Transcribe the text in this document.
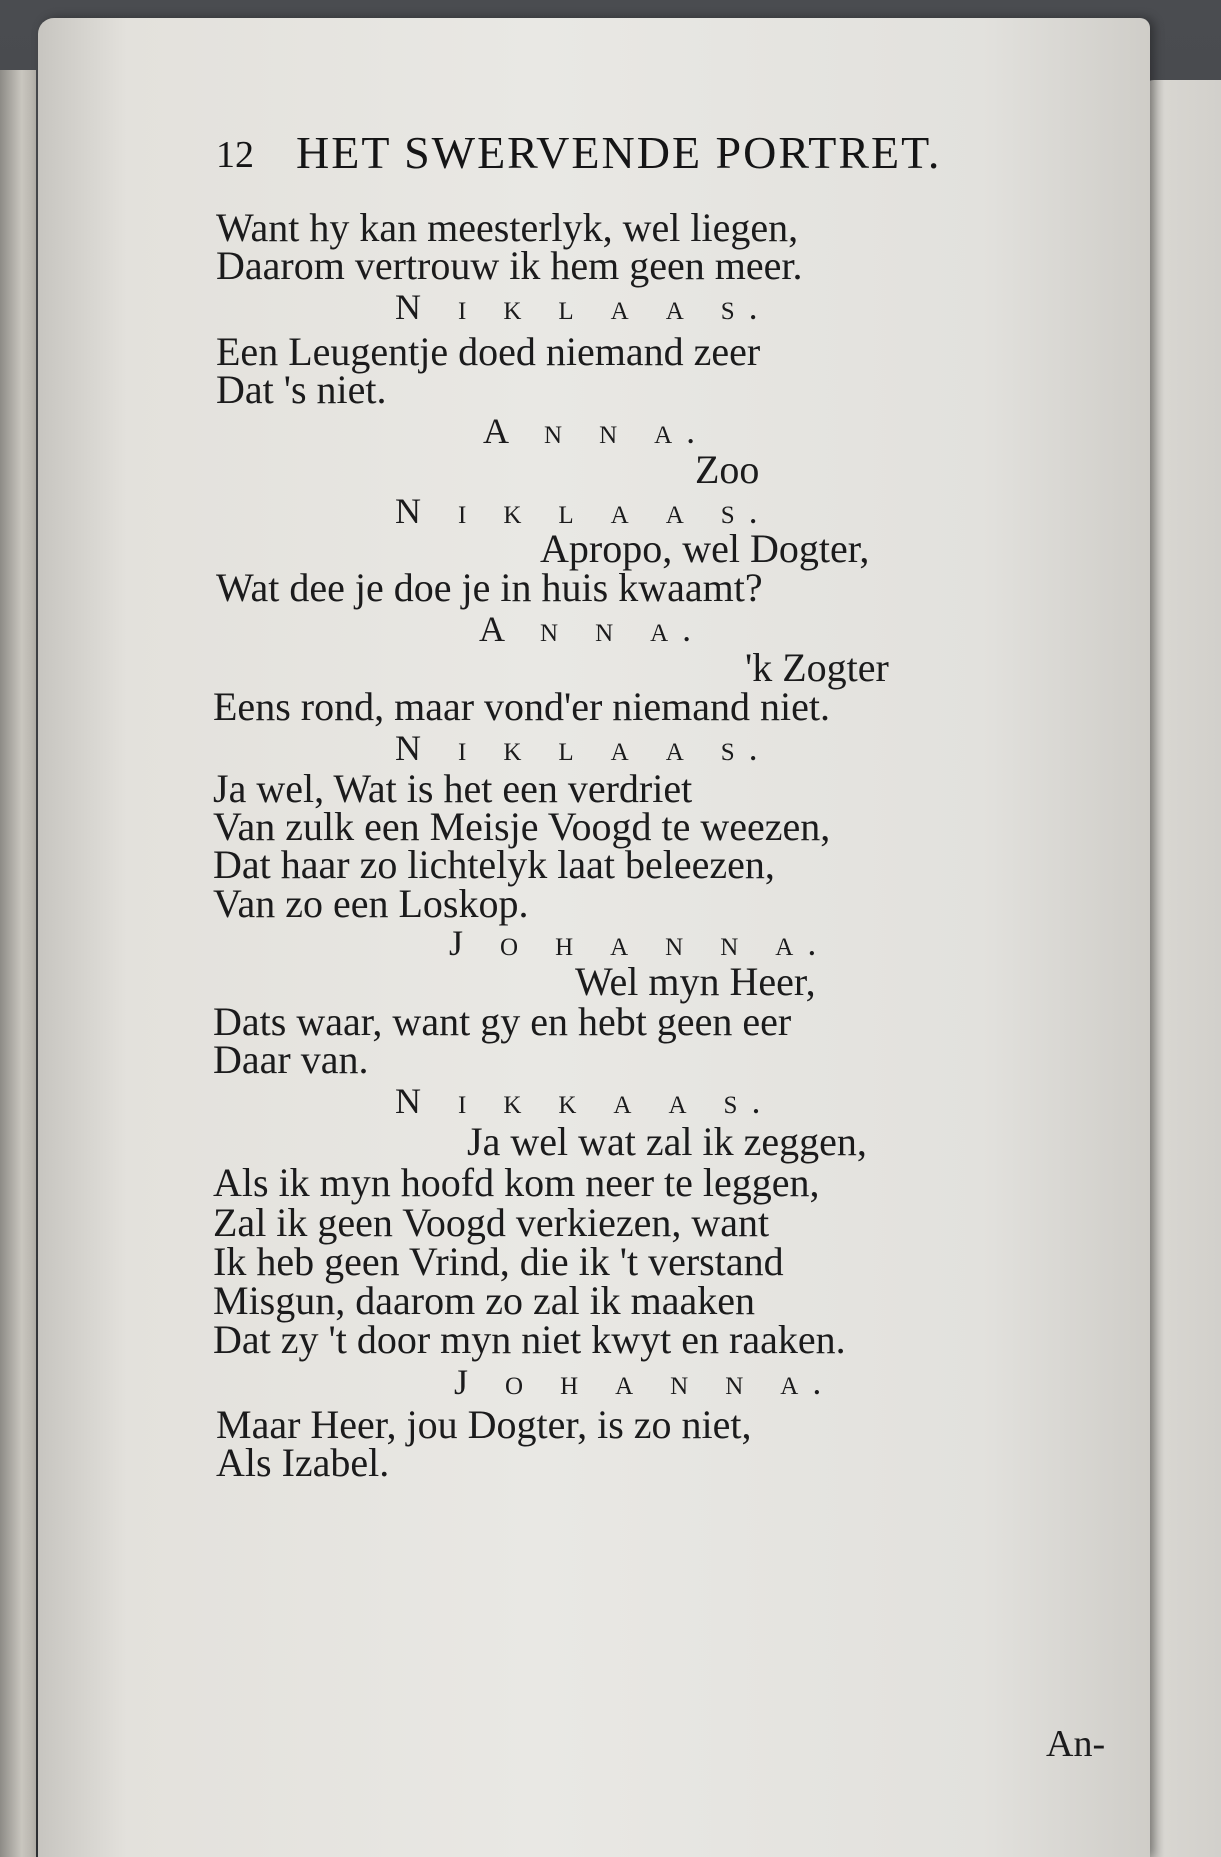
12 HET SWERVENDE PORTRET.
Want hy kan meesterlyk, wel liegen,
Daarom vertrouw ik hem geen meer.
N i k l a a s.
Een Leugentje doed niemand zeer
Dat 's niet.
A n n a.
Zoo
N i k l a a s.
Apropo, wel Dogter,
Wat dee je doe je in huis kwaamt?
A n n a.
'k Zogter
Eens rond, maar vond'er niemand niet.
N i k l a a s.
Ja wel, Wat is het een verdriet
Van zulk een Meisje Voogd te weezen,
Dat haar zo lichtelyk laat beleezen,
Van zo een Loskop.
J o h a n n a.
Wel myn Heer,
Dats waar, want gy en hebt geen eer
Daar van.
N i k k a a s.
Ja wel wat zal ik zeggen,
Als ik myn hoofd kom neer te leggen,
Zal ik geen Voogd verkiezen, want
Ik heb geen Vrind, die ik 't verstand
Misgun, daarom zo zal ik maaken
Dat zy 't door myn niet kwyt en raaken.
J o h a n n a.
Maar Heer, jou Dogter, is zo niet,
Als Izabel.
An-
